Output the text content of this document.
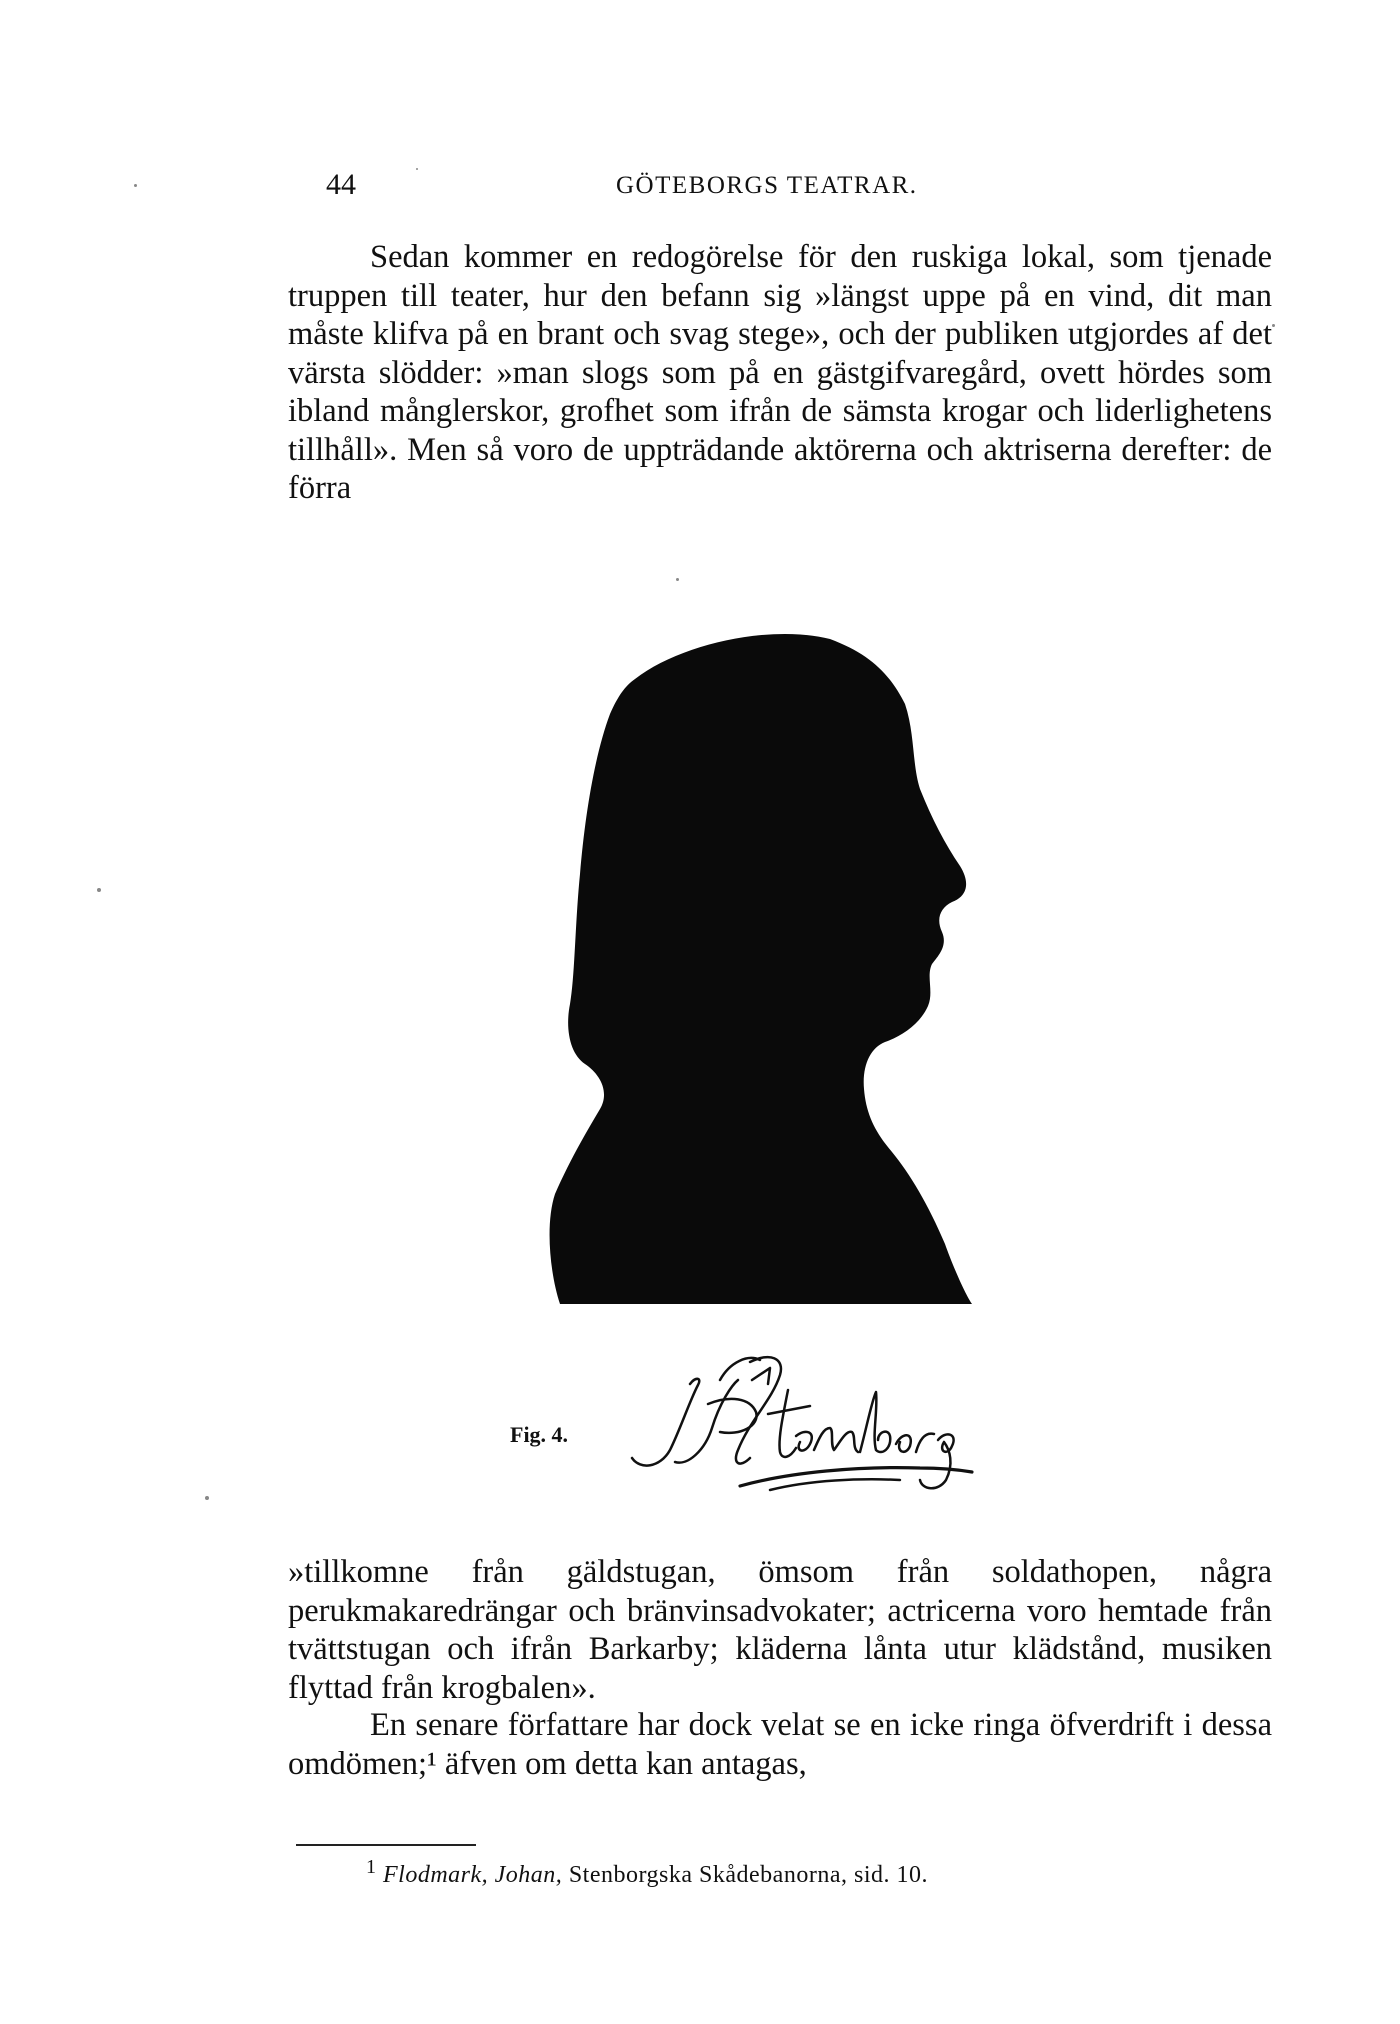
44	GÖTEBORGS TEATRAR.

Sedan kommer en redogörelse för den ruskiga lokal, som tjenade truppen till teater, hur den befann sig »längst uppe på en vind, dit man måste klifva på en brant och svag stege», och der publiken utgjordes af det värsta slödder: »man slogs som på en gästgifvaregård, ovett hördes som ibland månglerskor, grofhet som ifrån de sämsta krogar och liderlighetens tillhåll». Men så voro de uppträdande aktörerna och aktriserna derefter: de förra

Fig. 4.

»tillkomne från gäldstugan, ömsom från soldathopen, några perukmakaredrängar och bränvinsadvokater; actricerna voro hemtade från tvättstugan och ifrån Barkarby; kläderna lånta utur klädstånd, musiken flyttad från krogbalen».

En senare författare har dock velat se en icke ringa öfverdrift i dessa omdömen;¹ äfven om detta kan antagas,

$^1$ Flodmark, Johan, Stenborgska Skådebanorna, sid. 10.
